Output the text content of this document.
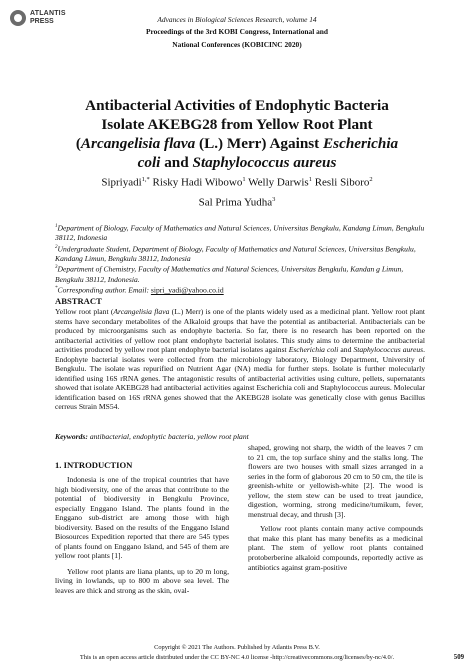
ATLANTIS
PRESS	Advances in Biological Sciences Research, volume 14
Proceedings of the 3rd KOBI Congress, International and
National Conferences (KOBICINC 2020)
Antibacterial Activities of Endophytic Bacteria
Isolate AKEBG28 from Yellow Root Plant
(Arcangelisia flava (L.) Merr) Against Escherichia
coli and Staphylococcus aureus
Sipriyadi$^{1,*}$ Risky Hadi Wibowo$^1$ Welly Darwis$^1$ Resli Siboro$^2$
Sal Prima Yudha$^3$
$^1$Department of Biology, Faculty of Mathematics and Natural Sciences, Universitas Bengkulu, Kandang Limun, Bengkulu 38112, Indonesia
$^2$Undergraduate Student, Department of Biology, Faculty of Mathematics and Natural Sciences, Universitas Bengkulu, Kandang Limun, Bengkulu 38112, Indonesia
$^3$Department of Chemistry, Faculty of Mathematics and Natural Sciences, Universitas Bengkulu, Kandan g Limun, Bengkulu 38112, Indonesia.
*Corresponding author. Email: sipri_yadi@yahoo.co.id
ABSTRACT
Yellow root plant (Arcangelisia flava (L.) Merr) is one of the plants widely used as a medicinal plant. Yellow root plant stems have secondary metabolites of the Alkaloid groups that have the potential as antibacterial. Antibacterials can be produced by microorganisms such as endophyte bacteria. So far, there is no research has been reported on the antibacterial activities of yellow root plant endophyte bacterial isolates. This study aims to determine the antibacterial activities produced by yellow root plant endophyte bacterial isolates against Escherichia coli and Staphylococcus aureus. Endophyte bacterial isolates were collected from the microbiology laboratory, Biology Department, University of Bengkulu. The isolate was repurified on Nutrient Agar (NA) media for further steps. Isolate is further molecularly identified using 16S rRNA genes. The antagonistic results of antibacterial activities using culture, pellets, supernatants showed that isolate AKEBG28 had antibacterial activities against Escherichia coli and Staphylococcus aureus. Molecular identification based on 16S rRNA genes showed that the AKEBG28 isolate was genetically close with genus Bacillus cerreus Strain MS54.
Keywords: antibacterial, endophytic bacteria, yellow root plant
1. INTRODUCTION

Indonesia is one of the tropical countries that have high biodiversity, one of the areas that contribute to the potential of biodiversity in Bengkulu Province, especially Enggano Island. The plants found in the Enggano sub-district are among those with high biodiversity. Based on the results of the Enggano Island Biosources Expedition reported that there are 545 types of plants found on Enggano Island, and 545 of them are yellow root plants [1].

Yellow root plants are liana plants, up to 20 m long, living in lowlands, up to 800 m above sea level. The leaves are thick and strong as the skin, oval-

shaped, growing not sharp, the width of the leaves 7 cm to 21 cm, the top surface shiny and the stalks long. The flowers are two houses with small sizes arranged in a series in the form of glaborous 20 cm to 50 cm, the tile is greenish-white or yellowish-white [2]. The wood is yellow, the stem stew can be used to treat jaundice, digestion, worming, strong medicine/tumikum, fever, menstrual decay, and thrush [3].

Yellow root plants contain many active compounds that make this plant has many benefits as a medicinal plant. The stem of yellow root plants contained protoberberine alkaloid compounds, reportedly active as antibiotics against gram-positive

Copyright © 2021 The Authors. Published by Atlantis Press B.V.
This is an open access article distributed under the CC BY-NC 4.0 license -http://creativecommons.org/licenses/by-nc/4.0/.	509
